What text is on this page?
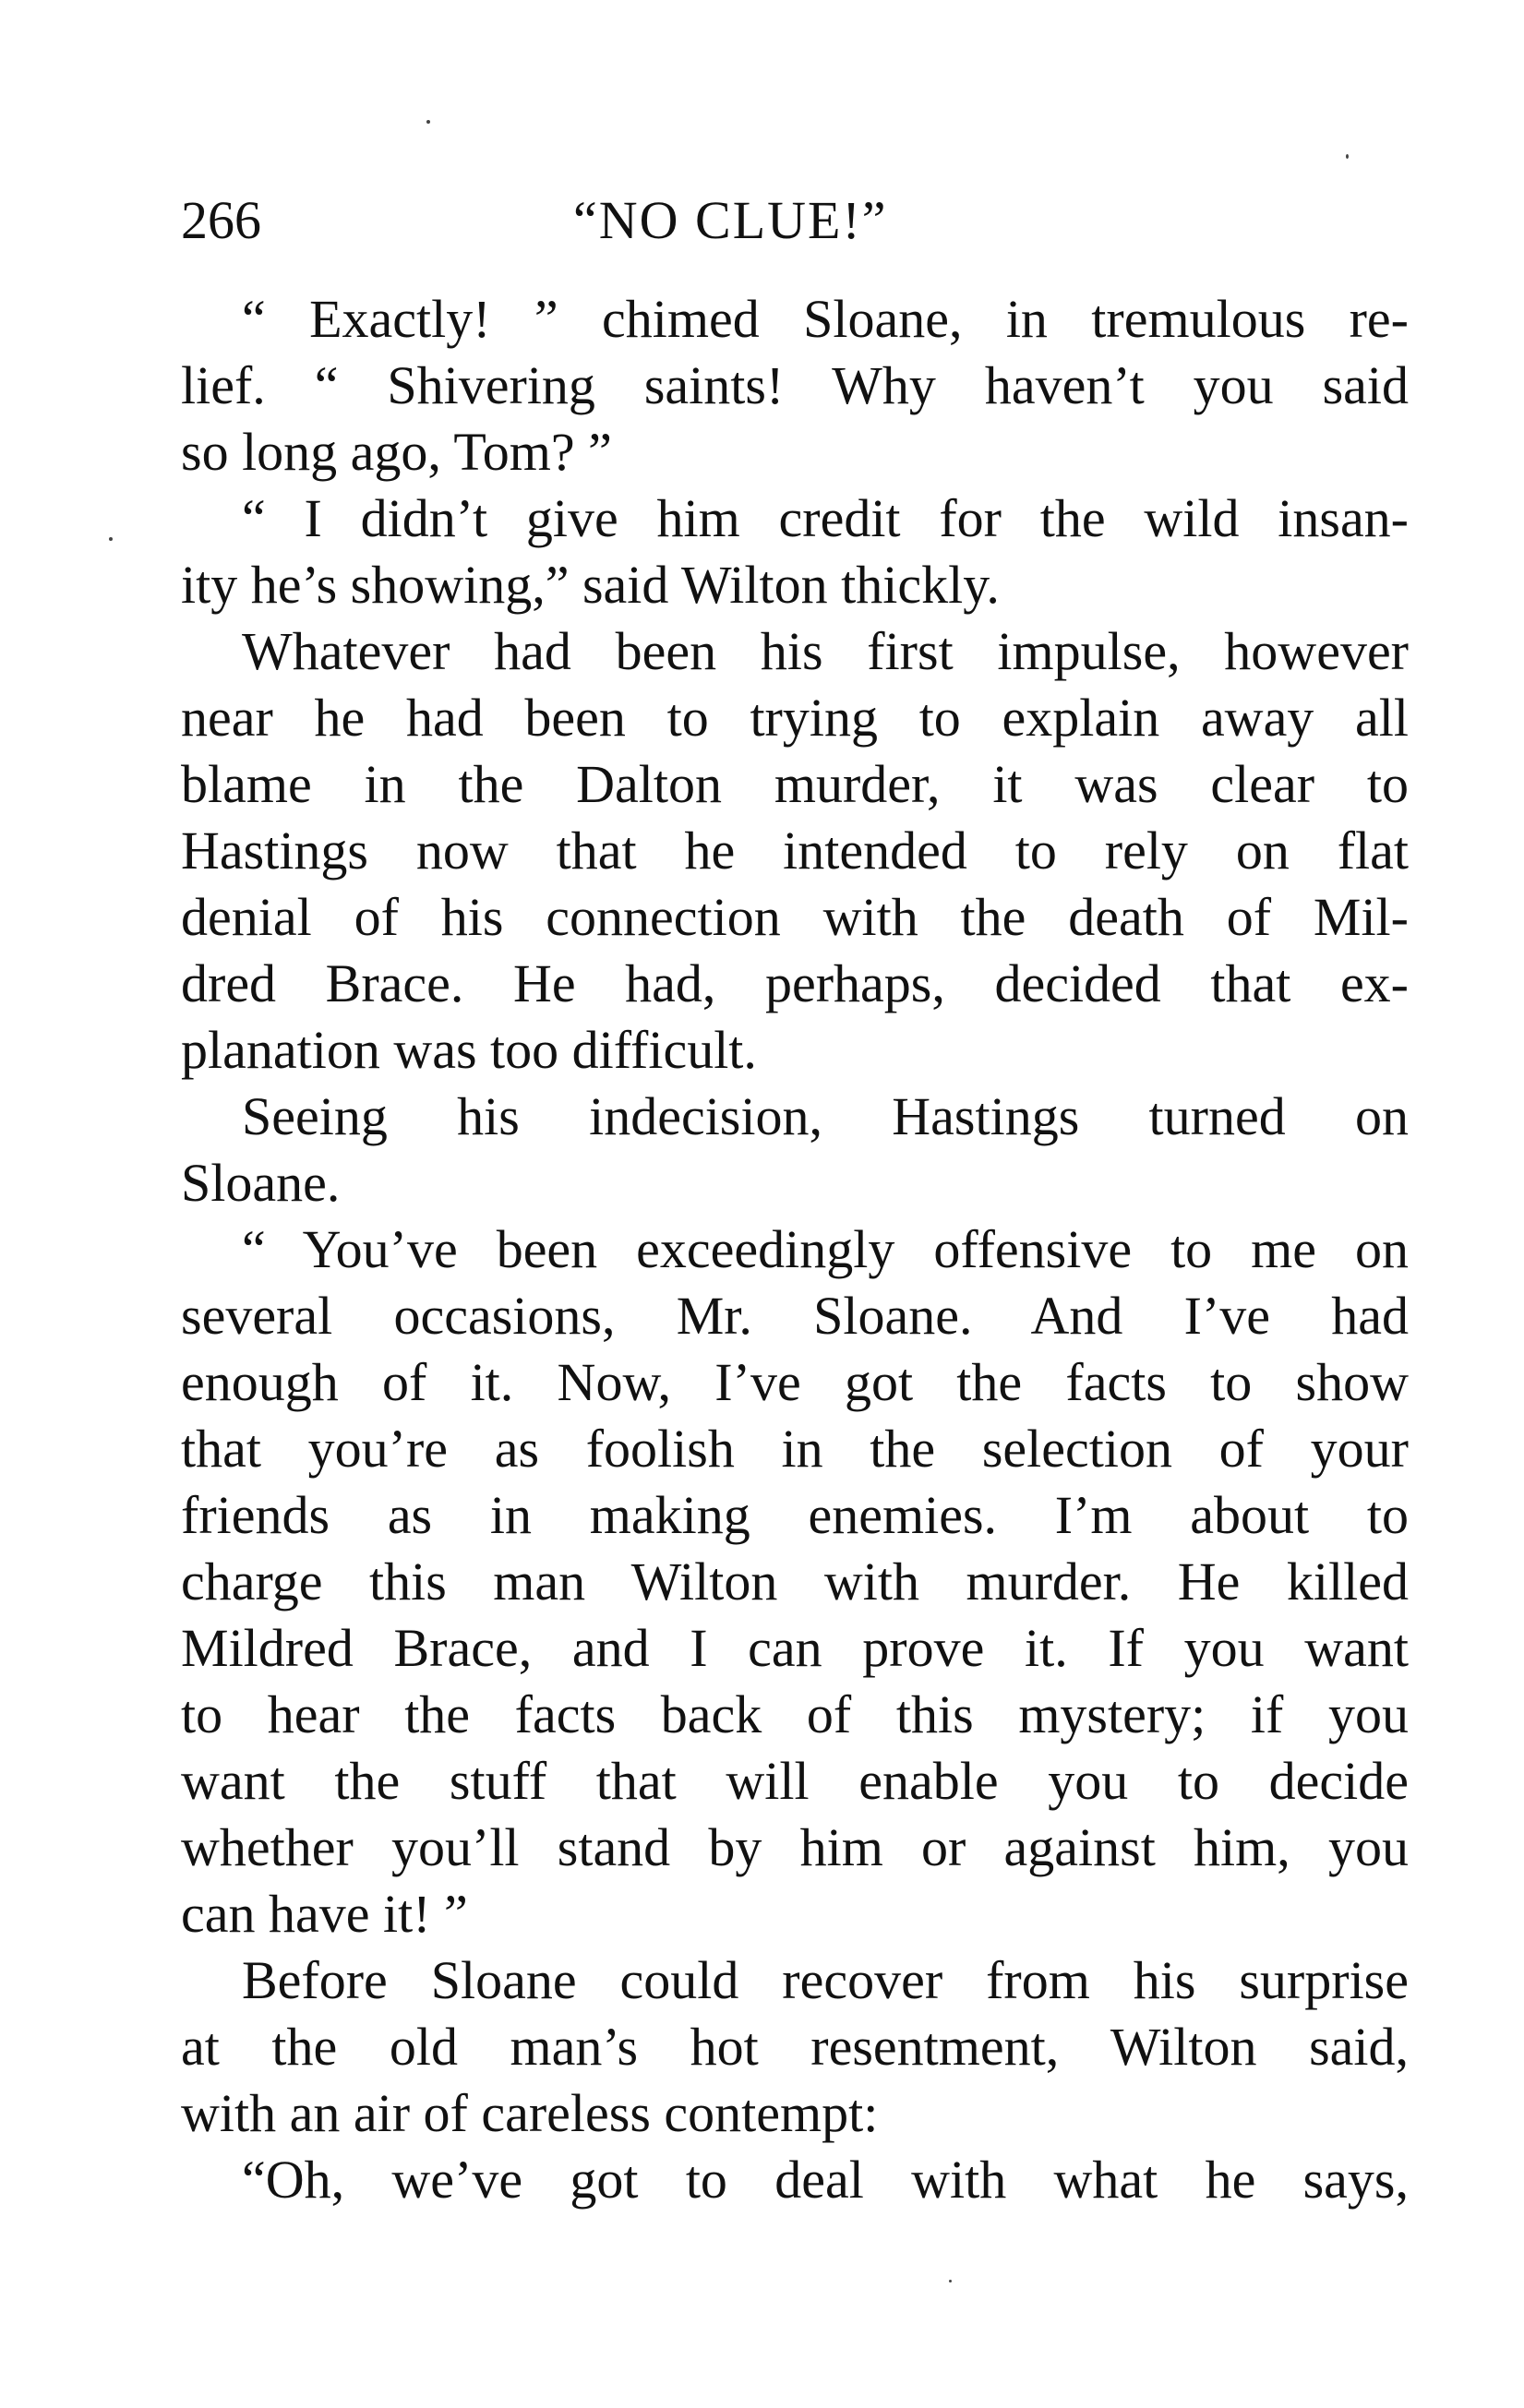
266	“NO CLUE!”

“ Exactly! ” chimed Sloane, in tremulous re-

lief. “ Shivering saints! Why haven’t you said

so long ago, Tom? ”

“ I didn’t give him credit for the wild insan-

ity he’s showing,” said Wilton thickly.

Whatever had been his first impulse, however

near he had been to trying to explain away all

blame in the Dalton murder, it was clear to

Hastings now that he intended to rely on flat

denial of his connection with the death of Mil-

dred Brace. He had, perhaps, decided that ex-

planation was too difficult.

Seeing his indecision, Hastings turned on

Sloane.

“ You’ve been exceedingly offensive to me on

several occasions, Mr. Sloane. And I’ve had

enough of it. Now, I’ve got the facts to show

that you’re as foolish in the selection of your

friends as in making enemies. I’m about to

charge this man Wilton with murder. He killed

Mildred Brace, and I can prove it. If you want

to hear the facts back of this mystery; if you

want the stuff that will enable you to decide

whether you’ll stand by him or against him, you

can have it! ”

Before Sloane could recover from his surprise

at the old man’s hot resentment, Wilton said,

with an air of careless contempt:

“Oh, we’ve got to deal with what he says,
